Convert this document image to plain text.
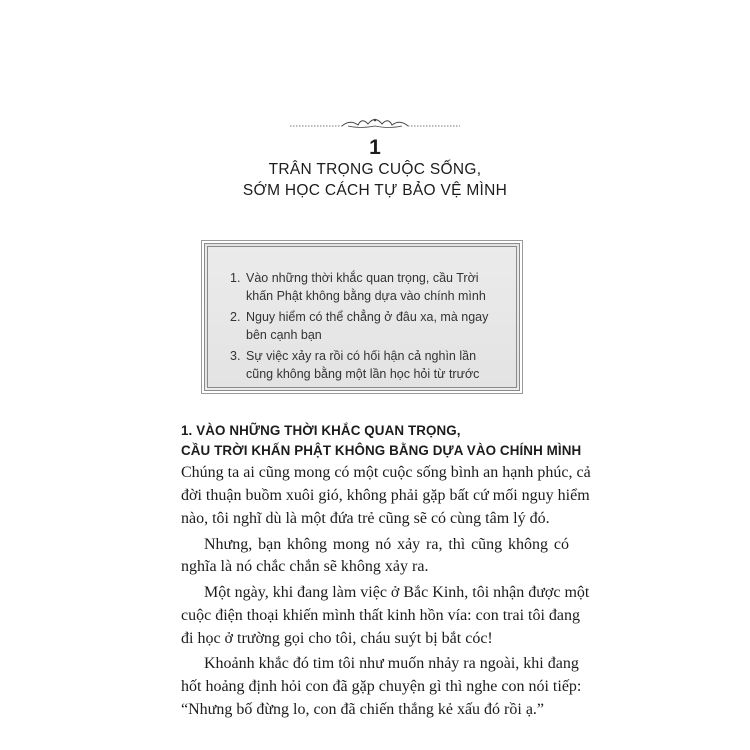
1
TRÂN TRỌNG CUỘC SỐNG,
SỚM HỌC CÁCH TỰ BẢO VỆ MÌNH
1. Vào những thời khắc quan trọng, cầu Trời khấn Phật không bằng dựa vào chính mình
2. Nguy hiểm có thể chẳng ở đâu xa, mà ngay bên cạnh bạn
3. Sự việc xảy ra rồi có hối hận cả nghìn lần cũng không bằng một lần học hỏi từ trước
1. VÀO NHỮNG THỜI KHẮC QUAN TRỌNG,
CẦU TRỜI KHẤN PHẬT KHÔNG BẰNG DỰA VÀO CHÍNH MÌNH
Chúng ta ai cũng mong có một cuộc sống bình an hạnh phúc, cả
đời thuận buồm xuôi gió, không phải gặp bất cứ mối nguy hiểm
nào, tôi nghĩ dù là một đứa trẻ cũng sẽ có cùng tâm lý đó.
Nhưng, bạn không mong nó xảy ra, thì cũng không có
nghĩa là nó chắc chắn sẽ không xảy ra.
Một ngày, khi đang làm việc ở Bắc Kinh, tôi nhận được một
cuộc điện thoại khiến mình thất kinh hồn vía: con trai tôi đang
đi học ở trường gọi cho tôi, cháu suýt bị bắt cóc!
Khoảnh khắc đó tim tôi như muốn nhảy ra ngoài, khi đang
hốt hoảng định hỏi con đã gặp chuyện gì thì nghe con nói tiếp:
“Nhưng bố đừng lo, con đã chiến thắng kẻ xấu đó rồi ạ.”
